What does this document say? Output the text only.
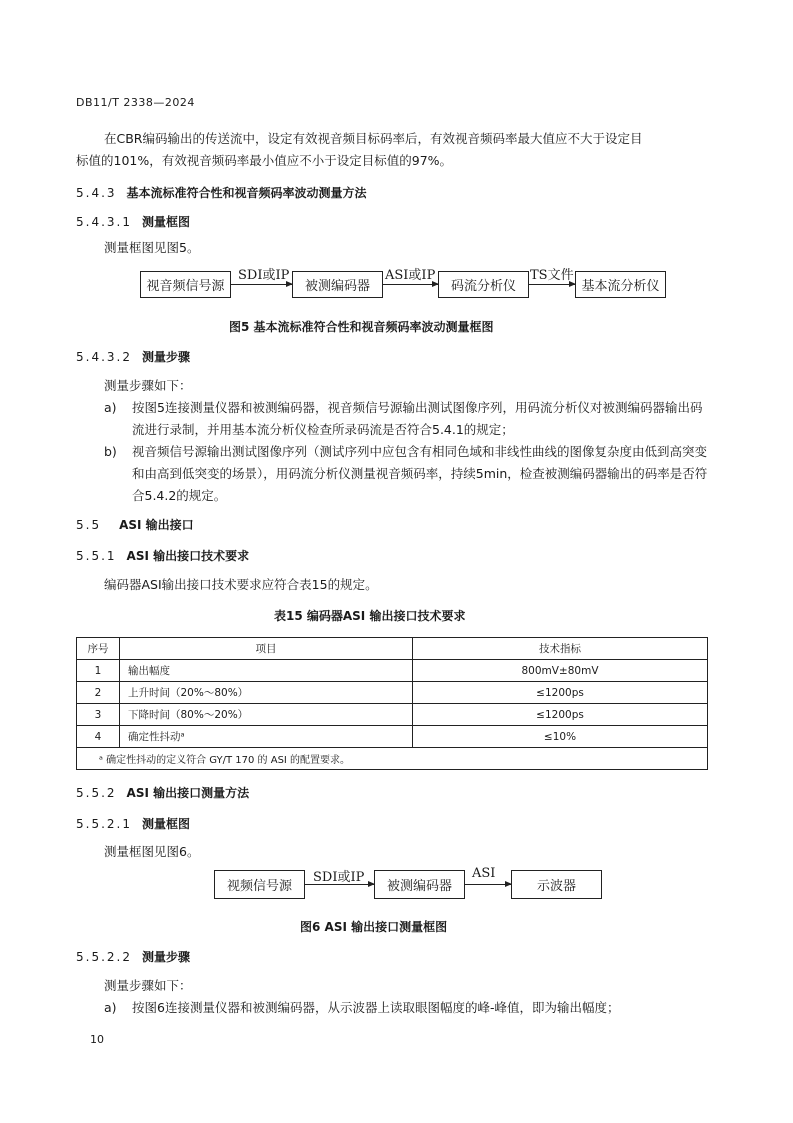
DB11/T 2338—2024
在CBR编码输出的传送流中，设定有效视音频目标码率后，有效视音频码率最大值应不大于设定目
标值的101%，有效视音频码率最小值应不小于设定目标值的97%。
5.4.3 基本流标准符合性和视音频码率波动测量方法
5.4.3.1 测量框图
测量框图见图5。
视音频信号源	被测编码器	码流分析仪	基本流分析仪
SDI或IP	ASI或IP	TS文件
图5 基本流标准符合性和视音频码率波动测量框图
5.4.3.2 测量步骤
测量步骤如下：
a) 按图5连接测量仪器和被测编码器，视音频信号源输出测试图像序列，用码流分析仪对被测编码器输出码流进行录制，并用基本流分析仪检查所录码流是否符合5.4.1的规定；
b) 视音频信号源输出测试图像序列（测试序列中应包含有相同色域和非线性曲线的图像复杂度由低到高突变和由高到低突变的场景），用码流分析仪测量视音频码率，持续5min，检查被测编码器输出的码率是否符合5.4.2的规定。
5.5 ASI 输出接口
5.5.1 ASI 输出接口技术要求
编码器ASI输出接口技术要求应符合表15的规定。
表15 编码器ASI 输出接口技术要求
序号	项目	技术指标
1	输出幅度	800mV±80mV
2	上升时间（20%～80%）	≤1200ps
3	下降时间（80%～20%）	≤1200ps
4	确定性抖动ᵃ	≤10%
ᵃ 确定性抖动的定义符合 GY/T 170 的 ASI 的配置要求。		
5.5.2 ASI 输出接口测量方法
5.5.2.1 测量框图
测量框图见图6。
视频信号源	被测编码器	示波器
SDI或IP	ASI
图6 ASI 输出接口测量框图
5.5.2.2 测量步骤
测量步骤如下：
a) 按图6连接测量仪器和被测编码器，从示波器上读取眼图幅度的峰-峰值，即为输出幅度；
10
